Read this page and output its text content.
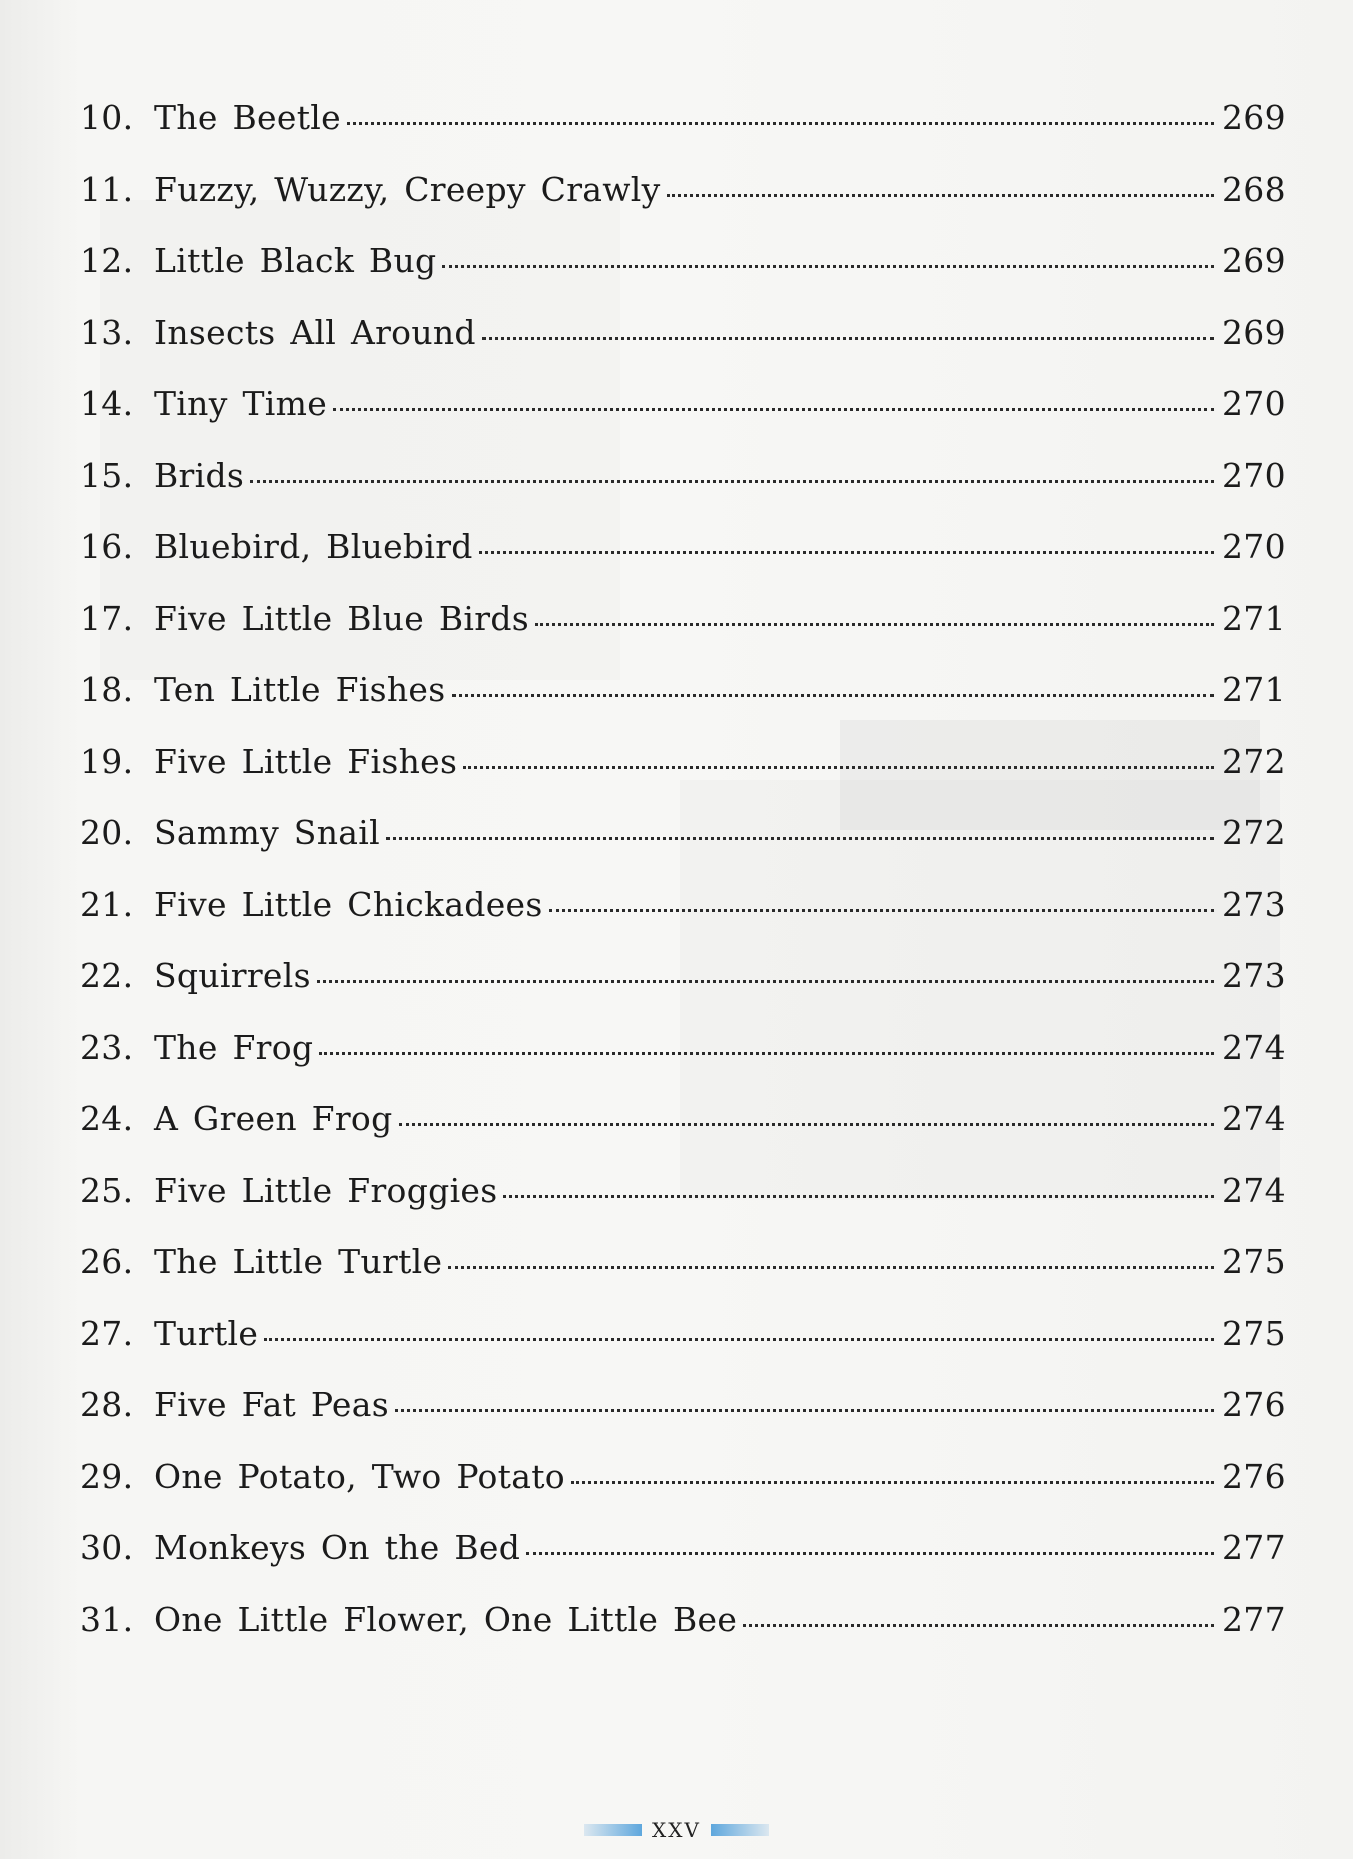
10. The Beetle	269
11. Fuzzy, Wuzzy, Creepy Crawly	268
12. Little Black Bug	269
13. Insects All Around	269
14. Tiny Time	270
15. Brids	270
16. Bluebird, Bluebird	270
17. Five Little Blue Birds	271
18. Ten Little Fishes	271
19. Five Little Fishes	272
20. Sammy Snail	272
21. Five Little Chickadees	273
22. Squirrels	273
23. The Frog	274
24. A Green Frog	274
25. Five Little Froggies	274
26. The Little Turtle	275
27. Turtle	275
28. Five Fat Peas	276
29. One Potato, Two Potato	276
30. Monkeys On the Bed	277
31. One Little Flower, One Little Bee	277
XXV
